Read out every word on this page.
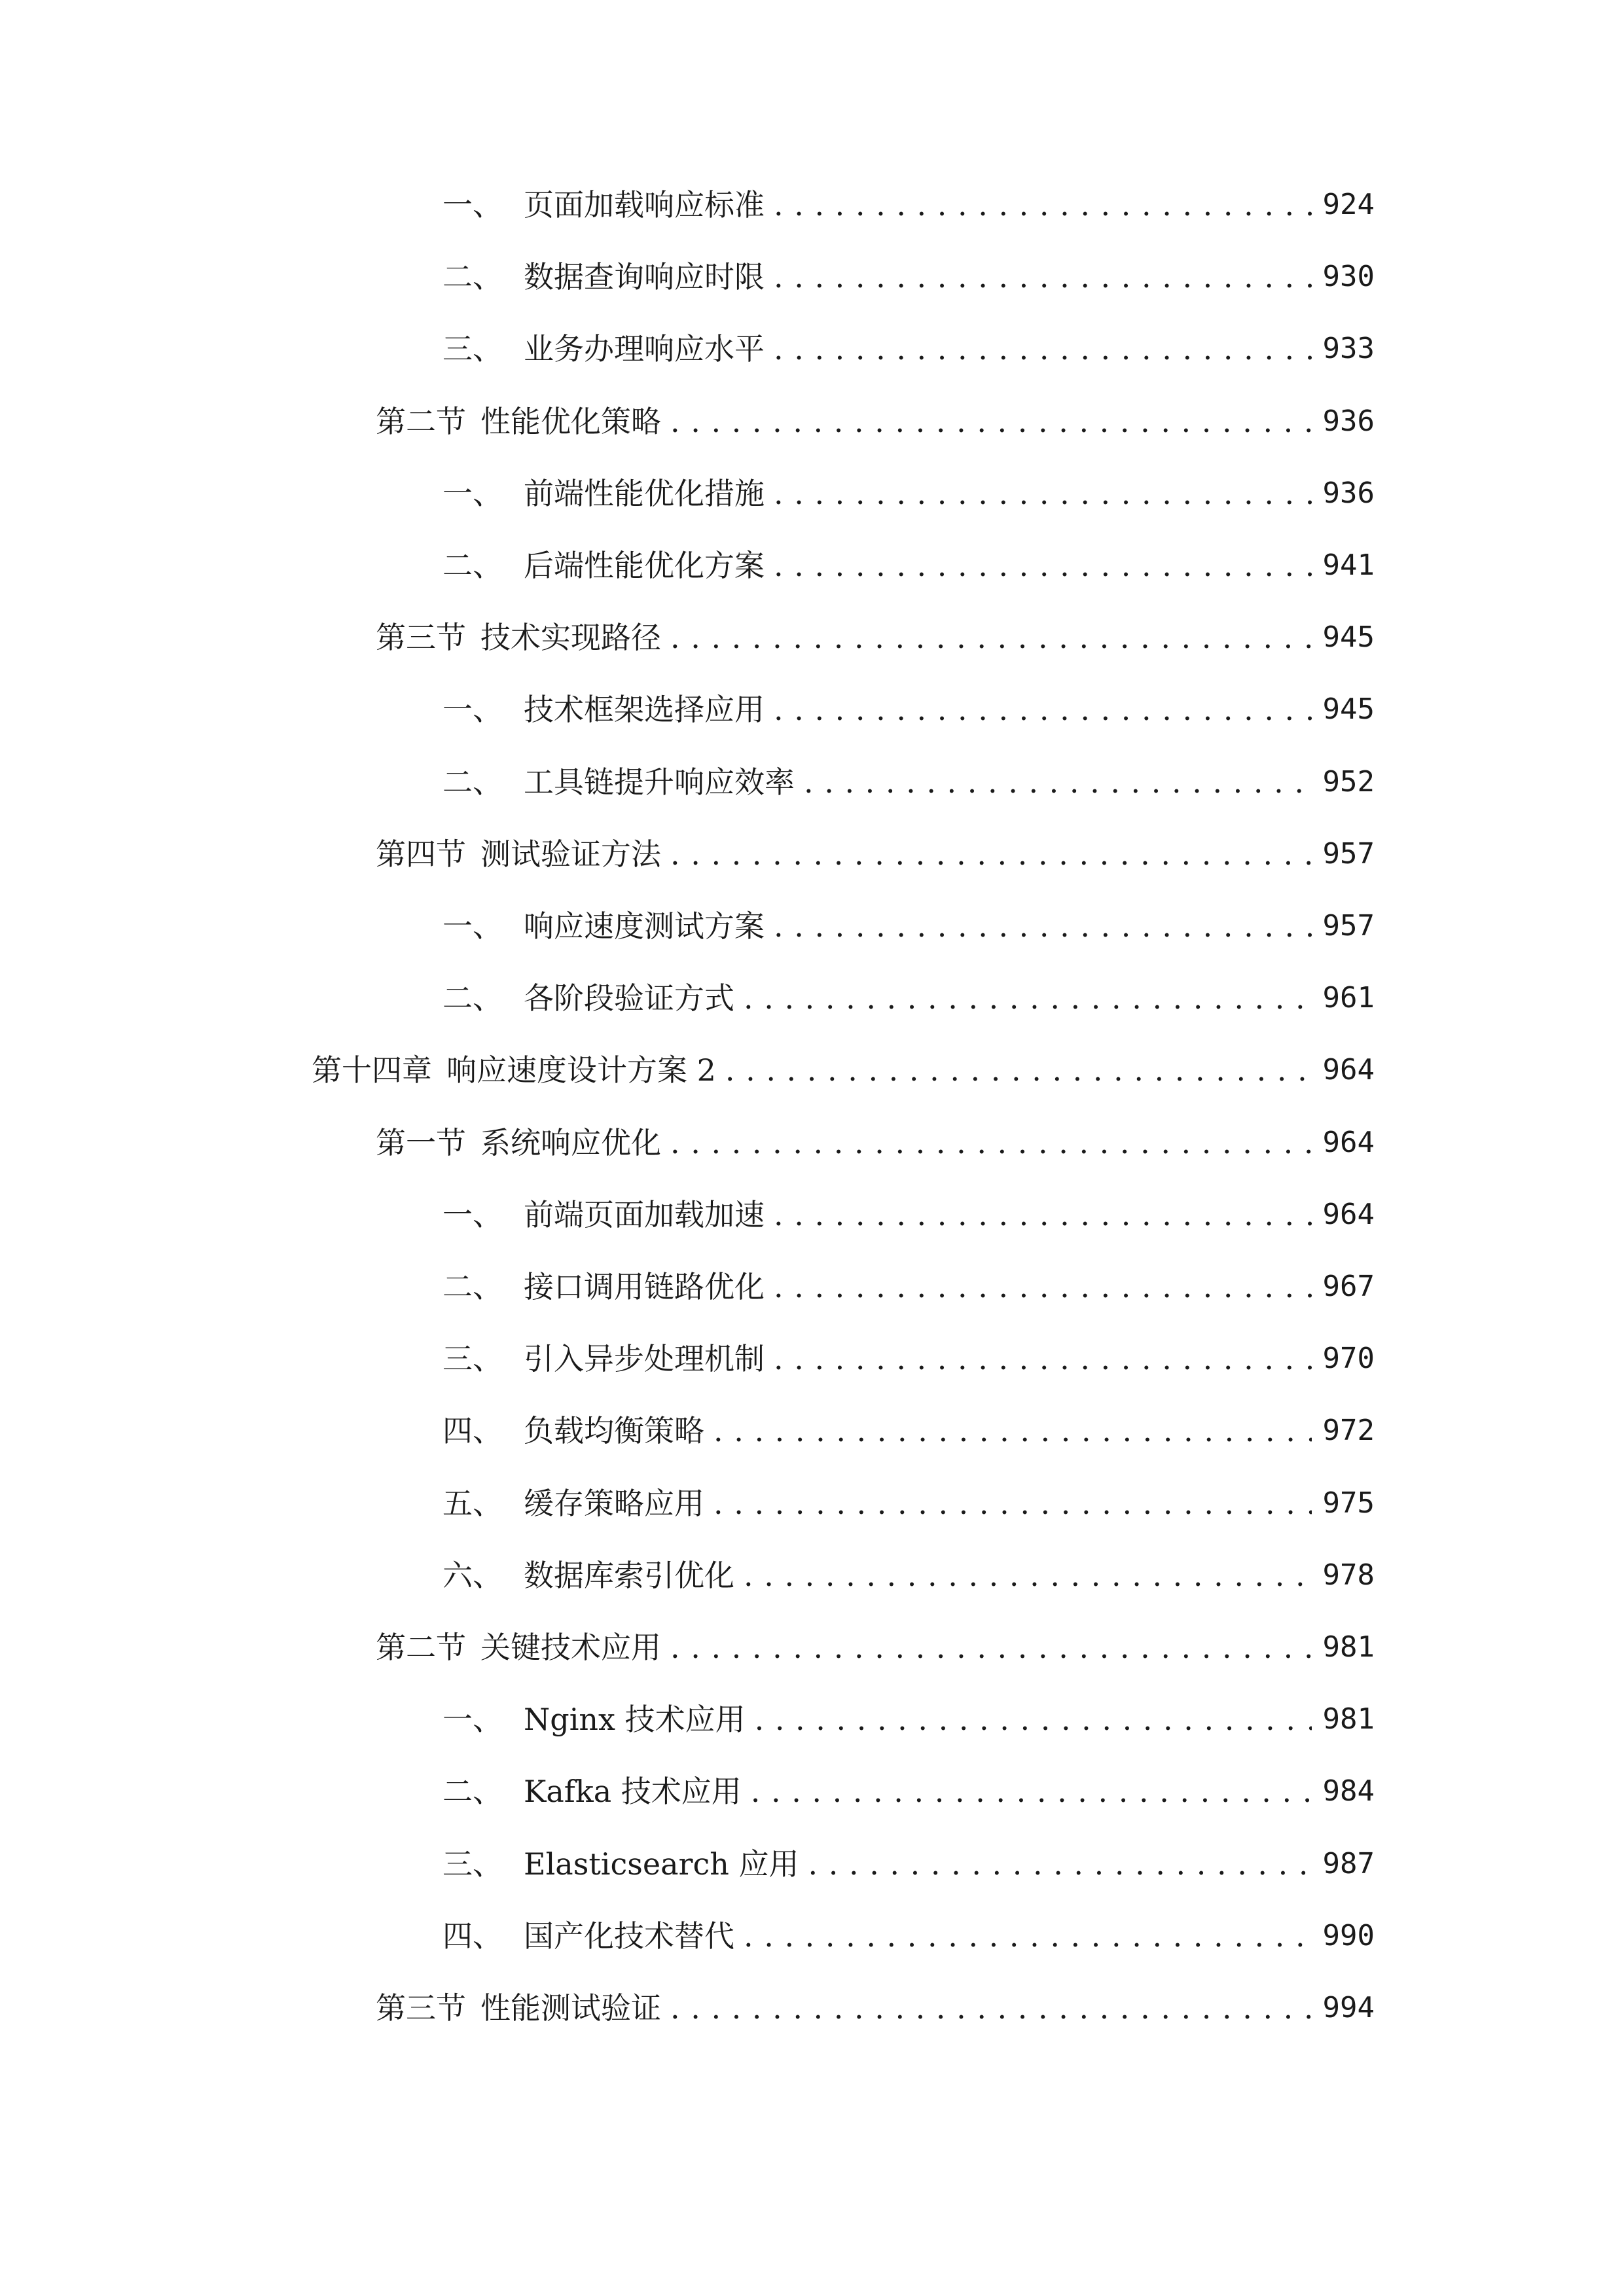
一、 页面加载响应标准 .....	924
二、 数据查询响应时限 .....	930
三、 业务办理响应水平 .....	933
第二节 性能优化策略 .....	936
一、 前端性能优化措施 .....	936
二、 后端性能优化方案 .....	941
第三节 技术实现路径 .....	945
一、 技术框架选择应用 .....	945
二、 工具链提升响应效率 .....	952
第四节 测试验证方法 .....	957
一、 响应速度测试方案 .....	957
二、 各阶段验证方式 .....	961
第十四章 响应速度设计方案 2 .....	964
第一节 系统响应优化 .....	964
一、 前端页面加载加速 .....	964
二、 接口调用链路优化 .....	967
三、 引入异步处理机制 .....	970
四、 负载均衡策略 .....	972
五、 缓存策略应用 .....	975
六、 数据库索引优化 .....	978
第二节 关键技术应用 .....	981
一、 Nginx 技术应用 .....	981
二、 Kafka 技术应用 .....	984
三、 Elasticsearch 应用 .....	987
四、 国产化技术替代 .....	990
第三节 性能测试验证 .....	994
